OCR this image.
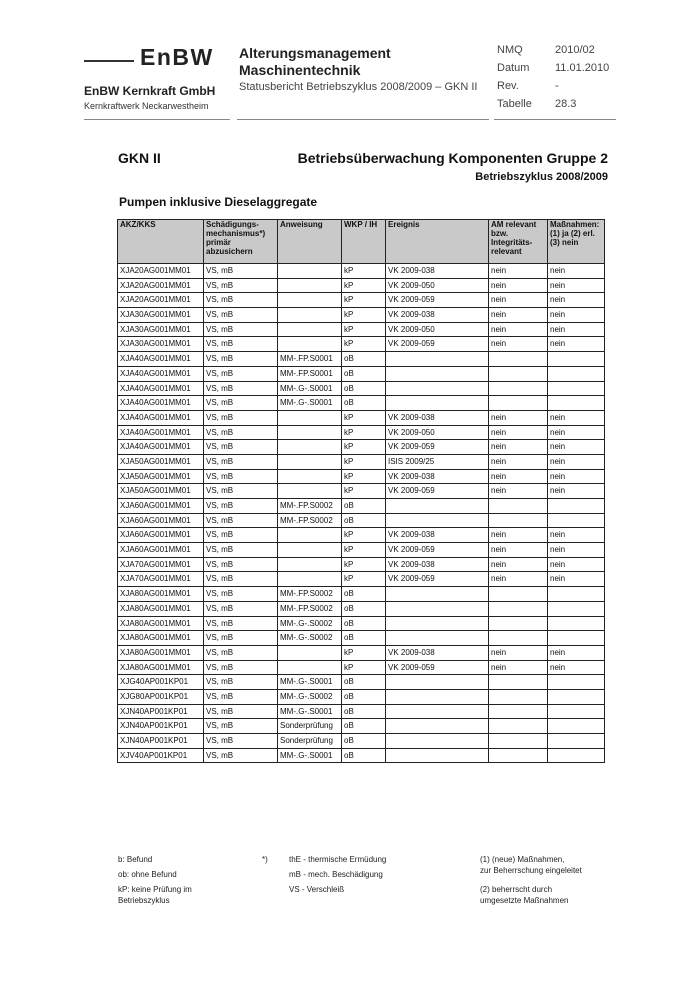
EnBW
EnBW Kernkraft GmbH
Kernkraftwerk Neckarwestheim
Alterungsmanagement
Maschinentechnik
Statusbericht Betriebszyklus 2008/2009 – GKN II
NMQ	2010/02
Datum 11.01.2010
Rev.	-
Tabelle 28.3
GKN II	Betriebsüberwachung Komponenten Gruppe 2
Betriebszyklus 2008/2009
Pumpen inklusive Dieselaggregate
AKZ/KKS	Schädigungs-mechanismus*) primär abzusichern	Anweisung	WKP / IH	Ereignis	AM relevant bzw. Integritäts-relevant	Maßnahmen: (1) ja (2) erl. (3) nein
XJA20AG001MM01	VS, mB		kP	VK 2009-038	nein	nein
XJA20AG001MM01	VS, mB		kP	VK 2009-050	nein	nein
XJA20AG001MM01	VS, mB		kP	VK 2009-059	nein	nein
XJA30AG001MM01	VS, mB		kP	VK 2009-038	nein	nein
XJA30AG001MM01	VS, mB		kP	VK 2009-050	nein	nein
XJA30AG001MM01	VS, mB		kP	VK 2009-059	nein	nein
XJA40AG001MM01	VS, mB	MM-.FP.S0001	oB			
XJA40AG001MM01	VS, mB	MM-.FP.S0001	oB			
XJA40AG001MM01	VS, mB	MM-.G-.S0001	oB			
XJA40AG001MM01	VS, mB	MM-.G-.S0001	oB			
XJA40AG001MM01	VS, mB		kP	VK 2009-038	nein	nein
XJA40AG001MM01	VS, mB		kP	VK 2009-050	nein	nein
XJA40AG001MM01	VS, mB		kP	VK 2009-059	nein	nein
XJA50AG001MM01	VS, mB		kP	ISIS 2009/25	nein	nein
XJA50AG001MM01	VS, mB		kP	VK 2009-038	nein	nein
XJA50AG001MM01	VS, mB		kP	VK 2009-059	nein	nein
XJA60AG001MM01	VS, mB	MM-.FP.S0002	oB			
XJA60AG001MM01	VS, mB	MM-.FP.S0002	oB			
XJA60AG001MM01	VS, mB		kP	VK 2009-038	nein	nein
XJA60AG001MM01	VS, mB		kP	VK 2009-059	nein	nein
XJA70AG001MM01	VS, mB		kP	VK 2009-038	nein	nein
XJA70AG001MM01	VS, mB		kP	VK 2009-059	nein	nein
XJA80AG001MM01	VS, mB	MM-.FP.S0002	oB			
XJA80AG001MM01	VS, mB	MM-.FP.S0002	oB			
XJA80AG001MM01	VS, mB	MM-.G-.S0002	oB			
XJA80AG001MM01	VS, mB	MM-.G-.S0002	oB			
XJA80AG001MM01	VS, mB		kP	VK 2009-038	nein	nein
XJA80AG001MM01	VS, mB		kP	VK 2009-059	nein	nein
XJG40AP001KP01	VS, mB	MM-.G-.S0001	oB			
XJG80AP001KP01	VS, mB	MM-.G-.S0002	oB			
XJN40AP001KP01	VS, mB	MM-.G-.S0001	oB			
XJN40AP001KP01	VS, mB	Sonderprüfung	oB			
XJN40AP001KP01	VS, mB	Sonderprüfung	oB			
XJV40AP001KP01	VS, mB	MM-.G-.S0001	oB			
b: Befund
ob: ohne Befund
kP: keine Prüfung im
Betriebszyklus
*)	thE - thermische Ermüdung
mB - mech. Beschädigung
VS - Verschleiß
(1) (neue) Maßnahmen,
zur Beherrschung eingeleitet
(2) beherrscht durch
umgesetzte Maßnahmen
